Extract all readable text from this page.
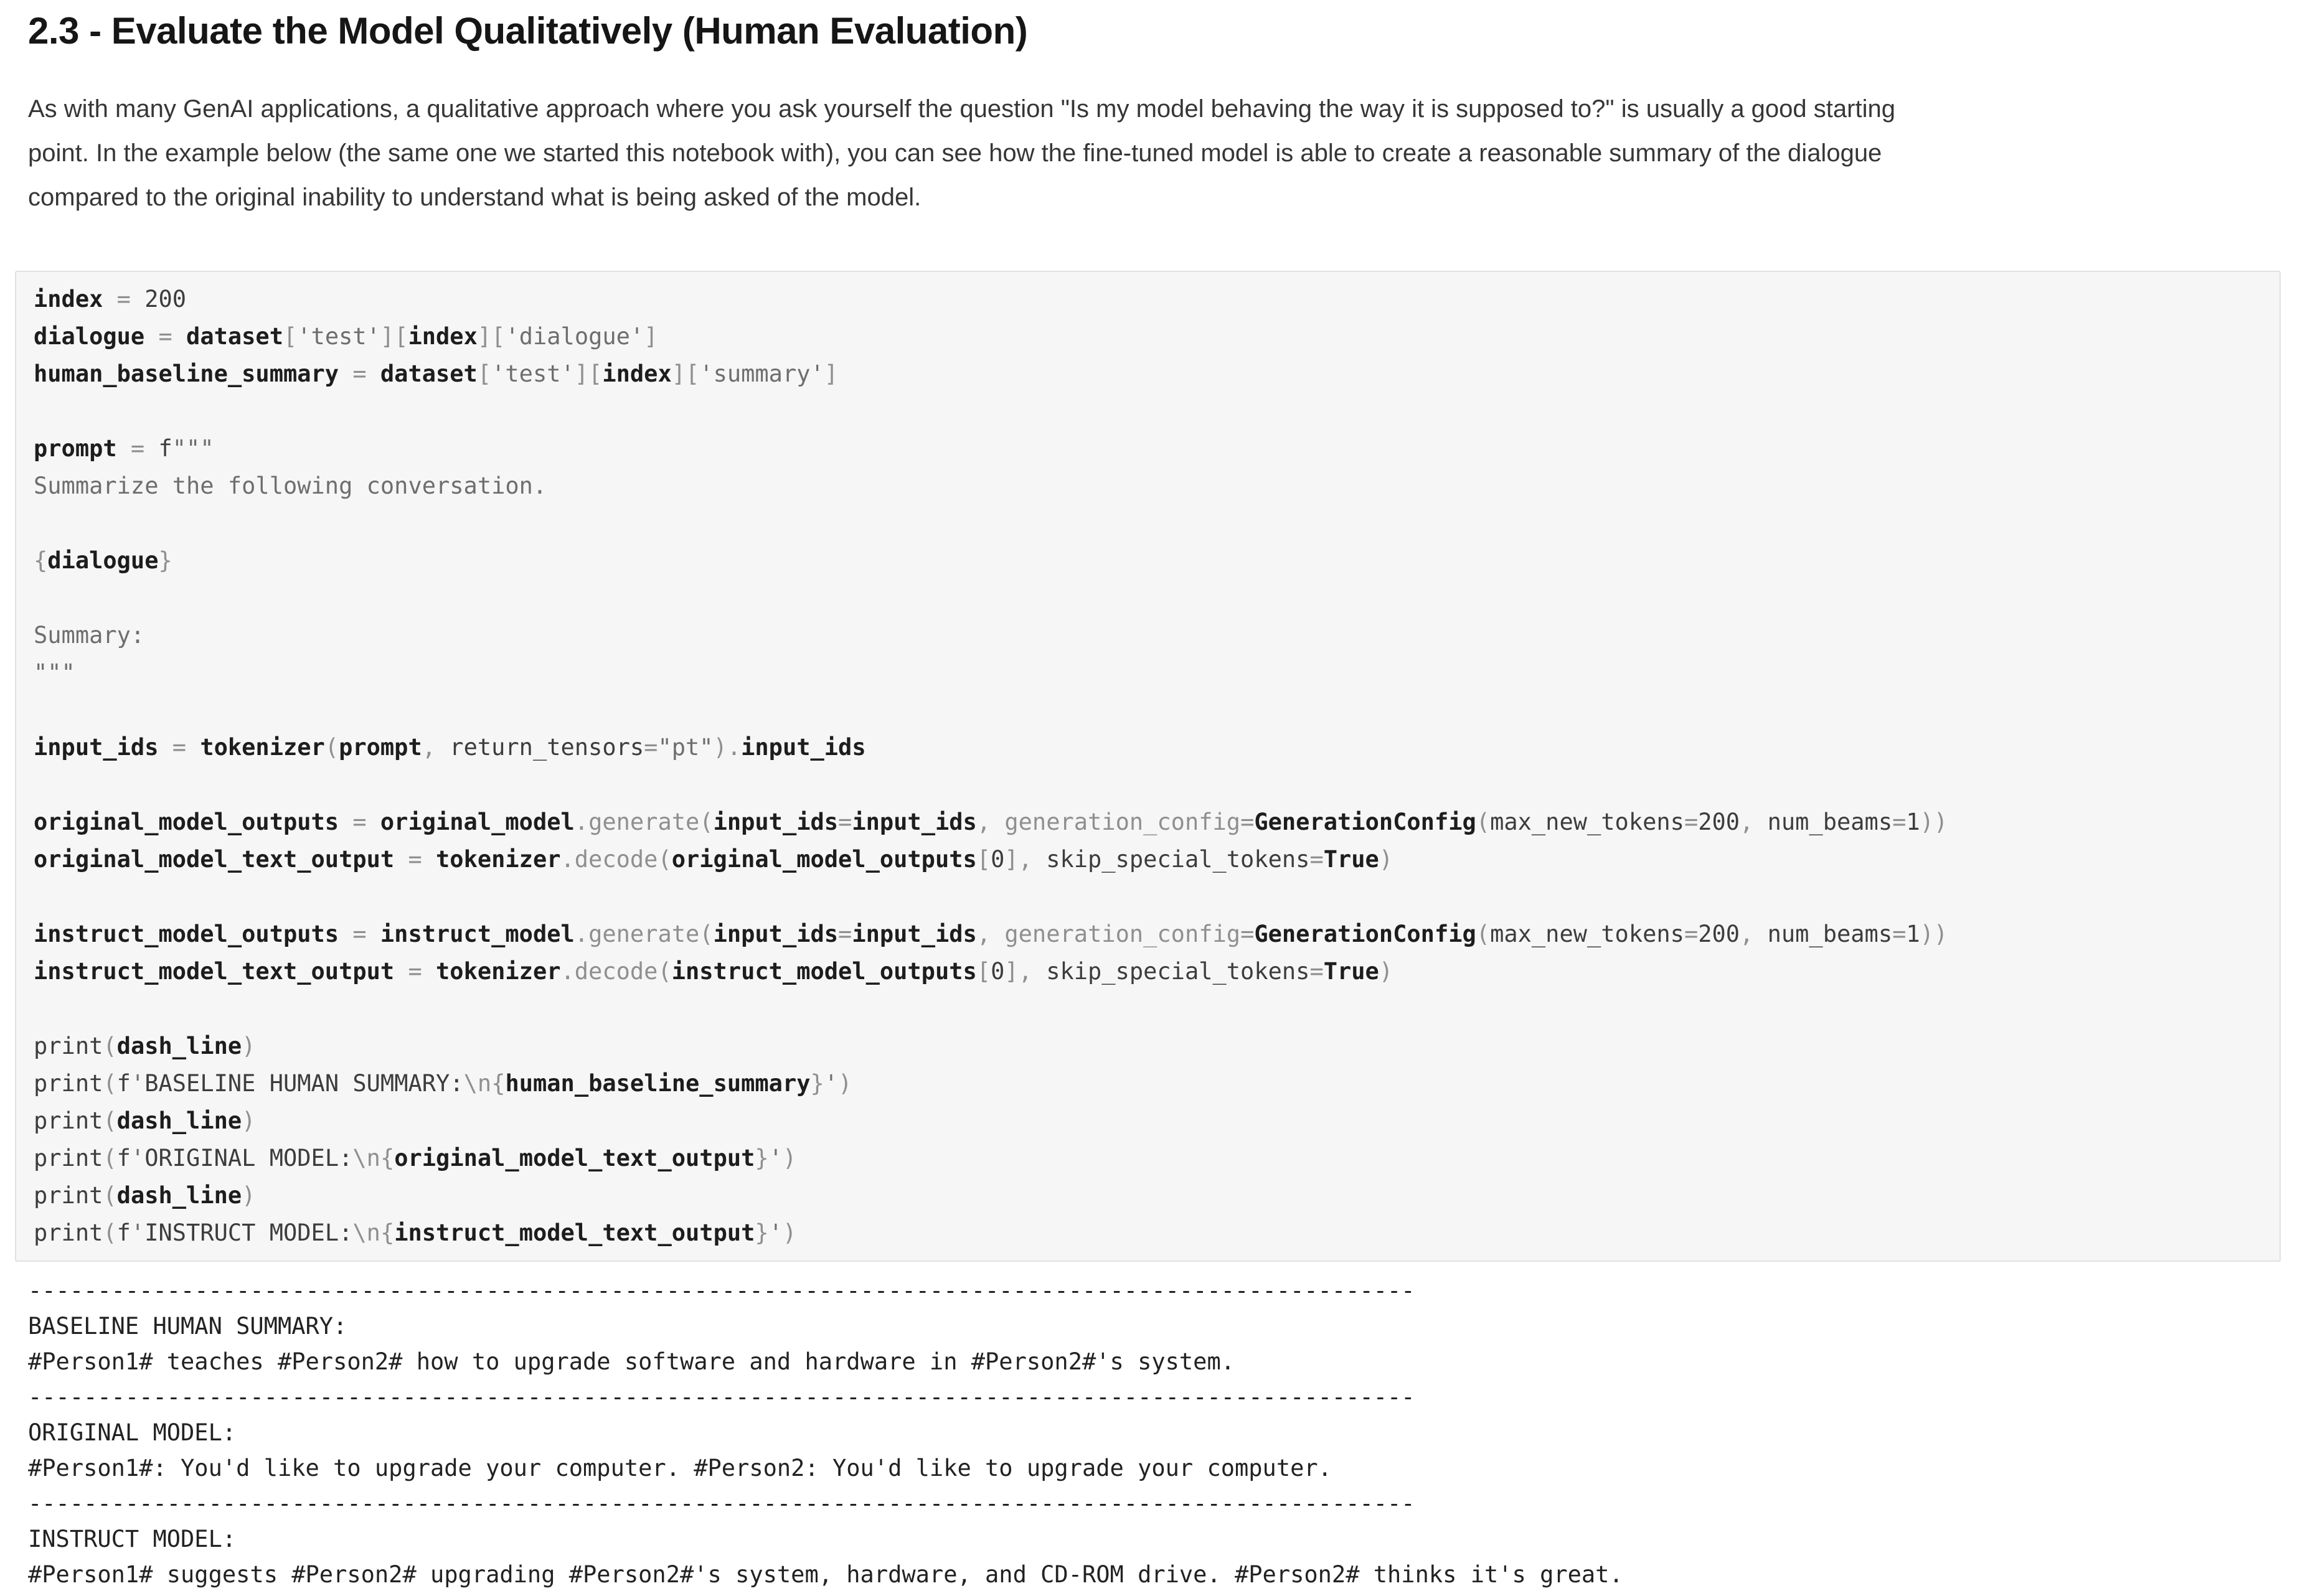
2.3 - Evaluate the Model Qualitatively (Human Evaluation)
As with many GenAI applications, a qualitative approach where you ask yourself the question "Is my model behaving the way it is supposed to?" is usually a good starting
point. In the example below (the same one we started this notebook with), you can see how the fine-tuned model is able to create a reasonable summary of the dialogue
compared to the original inability to understand what is being asked of the model.
index = 200
dialogue = dataset['test'][index]['dialogue']
human_baseline_summary = dataset['test'][index]['summary']

prompt = f"""
Summarize the following conversation.

{dialogue}

Summary:
"""

input_ids = tokenizer(prompt, return_tensors="pt").input_ids

original_model_outputs = original_model.generate(input_ids=input_ids, generation_config=GenerationConfig(max_new_tokens=200, num_beams=1))
original_model_text_output = tokenizer.decode(original_model_outputs[0], skip_special_tokens=True)

instruct_model_outputs = instruct_model.generate(input_ids=input_ids, generation_config=GenerationConfig(max_new_tokens=200, num_beams=1))
instruct_model_text_output = tokenizer.decode(instruct_model_outputs[0], skip_special_tokens=True)

print(dash_line)
print(f'BASELINE HUMAN SUMMARY:\n{human_baseline_summary}')
print(dash_line)
print(f'ORIGINAL MODEL:\n{original_model_text_output}')
print(dash_line)
print(f'INSTRUCT MODEL:\n{instruct_model_text_output}')
----------------------------------------------------------------------------------------------------
BASELINE HUMAN SUMMARY:
#Person1# teaches #Person2# how to upgrade software and hardware in #Person2#'s system.
----------------------------------------------------------------------------------------------------
ORIGINAL MODEL:
#Person1#: You'd like to upgrade your computer. #Person2: You'd like to upgrade your computer.
----------------------------------------------------------------------------------------------------
INSTRUCT MODEL:
#Person1# suggests #Person2# upgrading #Person2#'s system, hardware, and CD-ROM drive. #Person2# thinks it's great.
